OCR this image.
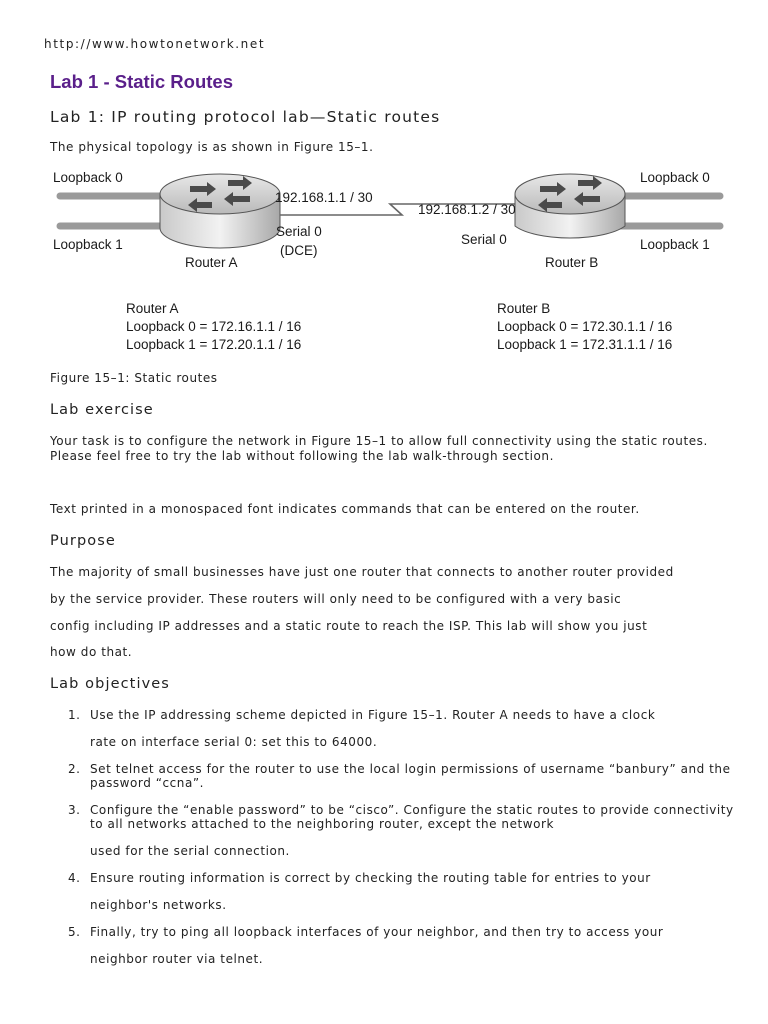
http://www.howtonetwork.net
Lab 1 - Static Routes
Lab 1: IP routing protocol lab—Static routes
The physical topology is as shown in Figure 15–1.
Loopback 0
Loopback 1
Loopback 0
Loopback 1
Router A	Router B
192.168.1.1 / 30
192.168.1.2 / 30
Serial 0
(DCE)
Serial 0
Router A
Loopback 0 = 172.16.1.1 / 16
Loopback 1 = 172.20.1.1 / 16
Router B
Loopback 0 = 172.30.1.1 / 16
Loopback 1 = 172.31.1.1 / 16
Figure 15–1: Static routes
Lab exercise
Your task is to configure the network in Figure 15–1 to allow full connectivity using the static routes.
Please feel free to try the lab without following the lab walk-through section.
Text printed in a monospaced font indicates commands that can be entered on the router.
Purpose
The majority of small businesses have just one router that connects to another router provided
by the service provider. These routers will only need to be configured with a very basic
config including IP addresses and a static route to reach the ISP. This lab will show you just
how do that.
Lab objectives
1. Use the IP addressing scheme depicted in Figure 15–1. Router A needs to have a clock
rate on interface serial 0: set this to 64000.
2. Set telnet access for the router to use the local login permissions of username “banbury” and the
password “ccna”.
3. Configure the “enable password” to be “cisco”. Configure the static routes to provide connectivity
to all networks attached to the neighboring router, except the network
used for the serial connection.
4. Ensure routing information is correct by checking the routing table for entries to your
neighbor's networks.
5. Finally, try to ping all loopback interfaces of your neighbor, and then try to access your
neighbor router via telnet.
